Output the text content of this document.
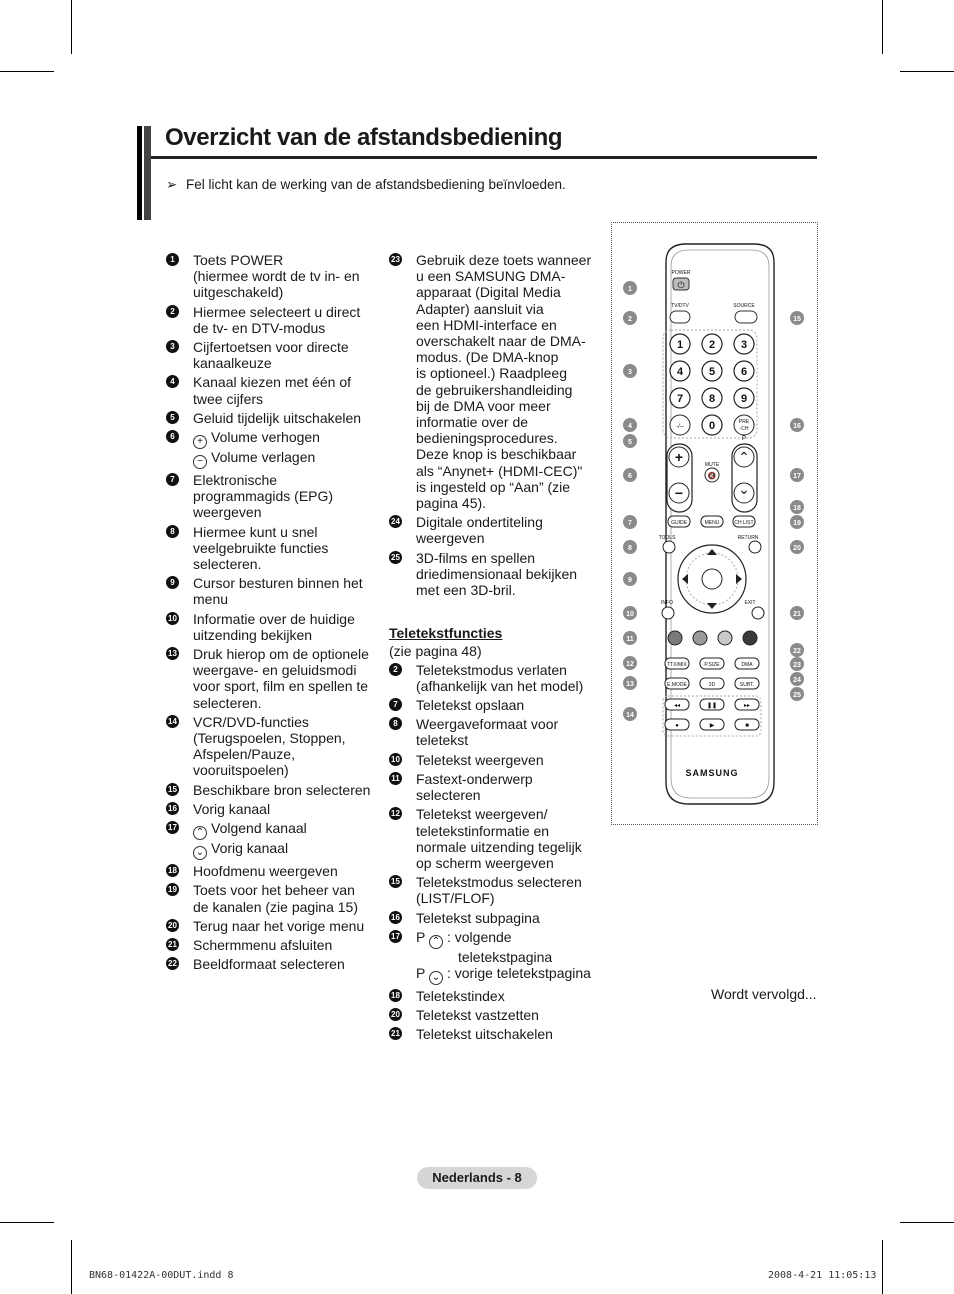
Overzicht van de afstandsbediening
➢ Fel licht kan de werking van de afstandsbediening beïnvloeden.
1	Toets POWER
(hiermee wordt de tv in- en
uitgeschakeld)
2	Hiermee selecteert u direct
de tv- en DTV-modus
3	Cijfertoetsen voor directe
kanaalkeuze
4	Kanaal kiezen met één of
twee cijfers
5	Geluid tijdelijk uitschakelen
6	+ Volume verhogen
− Volume verlagen
7	Elektronische
programmagids (EPG)
weergeven
8	Hiermee kunt u snel
veelgebruikte functies
selecteren.
9	Cursor besturen binnen het
menu
10 Informatie over de huidige
uitzending bekijken
13 Druk hierop om de optionele
weergave- en geluidsmodi
voor sport, film en spellen te
selecteren.
14 VCR/DVD-functies
(Terugspoelen, Stoppen,
Afspelen/Pauze,
vooruitspoelen)
15 Beschikbare bron selecteren
16 Vorig kanaal
17 ⌃ Volgend kanaal
⌄ Vorig kanaal
18 Hoofdmenu weergeven
19 Toets voor het beheer van
de kanalen (zie pagina 15)
20 Terug naar het vorige menu
21 Schermmenu afsluiten
22 Beeldformaat selecteren
23 Gebruik deze toets wanneer
u een SAMSUNG DMA-
apparaat (Digital Media
Adapter) aansluit via
een HDMI-interface en
overschakelt naar de DMA-
modus. (De DMA-knop
is optioneel.) Raadpleeg
de gebruikershandleiding
bij de DMA voor meer
informatie over de
bedieningsprocedures.
Deze knop is beschikbaar
als “Anynet+ (HDMI-CEC)"
is ingesteld op “Aan” (zie
pagina 45).
24 Digitale ondertiteling
weergeven
25 3D-films en spellen
driedimensionaal bekijken
met een 3D-bril.
Teletekstfuncties
(zie pagina 48)
2	Teletekstmodus verlaten
(afhankelijk van het model)
7	Teletekst opslaan
8	Weergaveformaat voor
teletekst
10 Teletekst weergeven
11 Fastext-onderwerp
selecteren
12 Teletekst weergeven/
teletekstinformatie en
normale uitzending tegelijk
op scherm weergeven
15 Teletekstmodus selecteren
(LIST/FLOF)
16 Teletekst subpagina
17 P ⌃ : volgende
teletekstpagina
P ⌄ : vorige teletekstpagina
18 Teletekstindex
20 Teletekst vastzetten
21 Teletekst uitschakelen
POWER
⏻
TV/DTV	SOURCE
1 2 3
4 5 6
7 8 9
0
-/--
PRE
-CH
+
−
MUTE
🔇
P
⌃
⌄
GUIDE	MENU	CH LIST
TOOLS	RETURN
INFO	EXIT
TTX/MIX	P.SIZE	DMA
E.MODE	3D	SUBT.
◂◂	❚❚	▸▸
●	▶	■
SAMSUNG
1
2
3
4
5
6
7
8
9
10
11
12
13
14
15
16
17
18
19
20
21
22
23
24
25
Wordt vervolgd...
Nederlands - 8
BN68-01422A-00DUT.indd 8	2008-4-21 11:05:13
